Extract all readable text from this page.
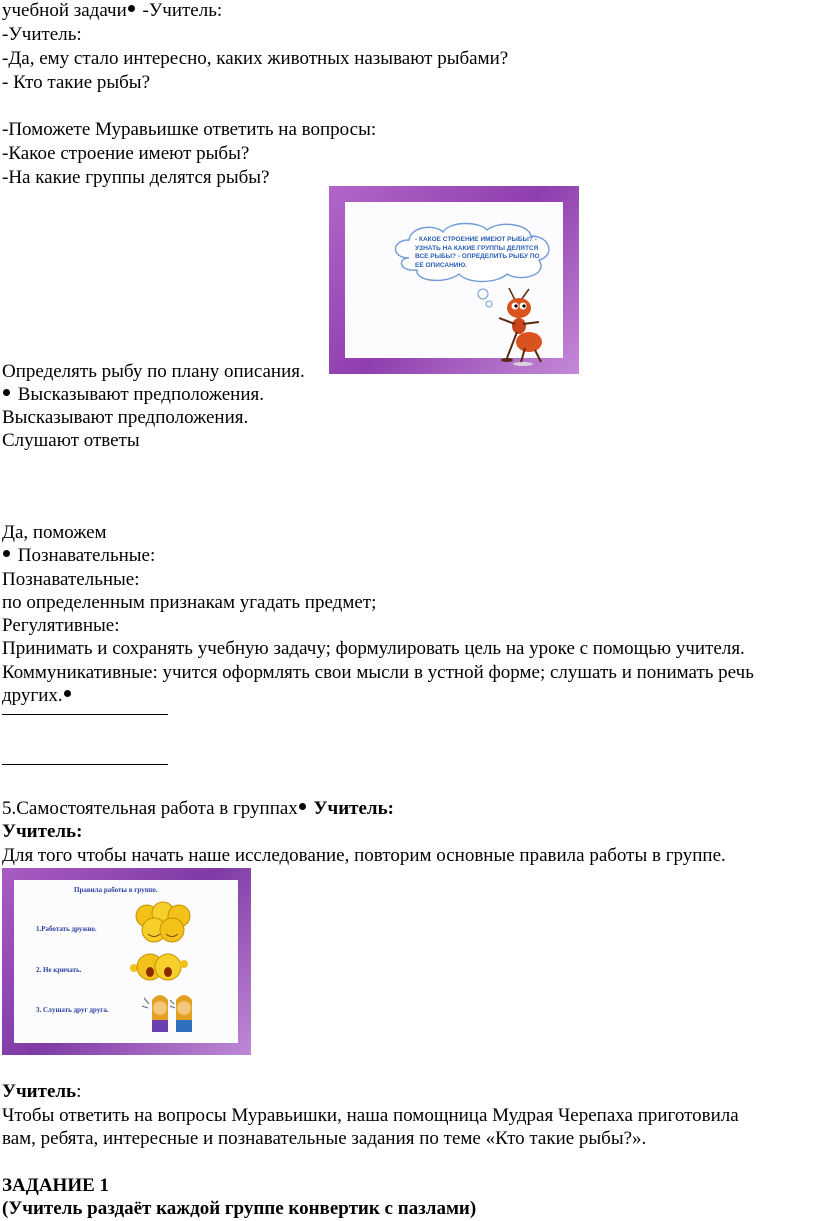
учебной задачи -Учитель:
-Учитель:
-Да, ему стало интересно, каких животных называют рыбами?
- Кто такие рыбы?
-Поможете Муравьишке ответить на вопросы:
-Какое строение имеют рыбы?
-На какие группы делятся рыбы?
- КАКОЕ СТРОЕНИЕ ИМЕЮТ РЫБЫ? - УЗНАТЬ НА КАКИЕ ГРУППЫ ДЕЛЯТСЯ ВСЕ РЫБЫ? - ОПРЕДЕЛИТЬ РЫБУ ПО ЕЁ ОПИСАНИЮ.
Определять рыбу по плану описания.
Высказывают предположения.
Высказывают предположения.
Слушают ответы
Да, поможем
Познавательные:
Познавательные:
по определенным признакам угадать предмет;
Регулятивные:
Принимать и сохранять учебную задачу; формулировать цель на уроке с помощью учителя.
Коммуникативные: учится оформлять свои мысли в устной форме; слушать и понимать речь
других.
5.Самостоятельная работа в группах Учитель:
Учитель:
Для того чтобы начать наше исследование, повторим основные правила работы в группе.
Правила работы в группе.
1.Работать дружно.
2. Не кричать.
3. Слушать друг друга.
Учитель:
Чтобы ответить на вопросы Муравьишки, наша помощница Мудрая Черепаха приготовила
вам, ребята, интересные и познавательные задания по теме «Кто такие рыбы?».
ЗАДАНИЕ 1
(Учитель раздаёт каждой группе конвертик с пазлами)
